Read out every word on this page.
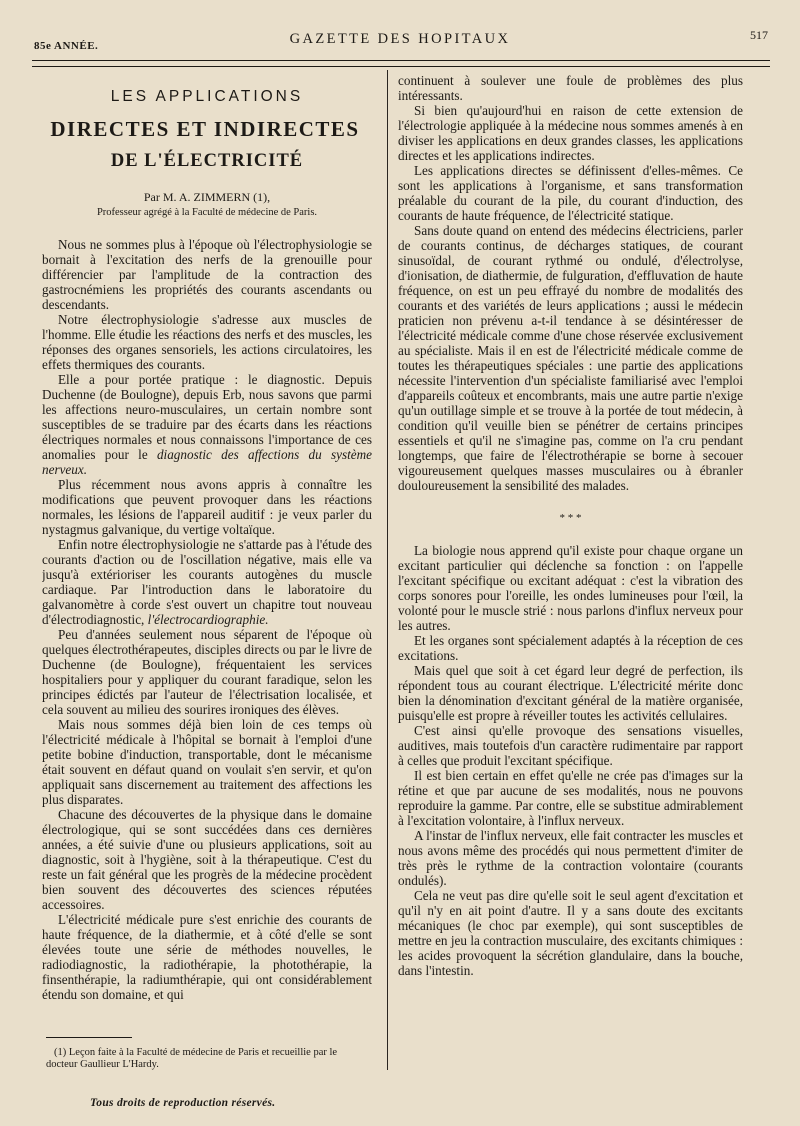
85e ANNÉE.	GAZETTE DES HOPITAUX	517
LES APPLICATIONS
DIRECTES ET INDIRECTES
DE L'ÉLECTRICITÉ
Par M. A. ZIMMERN (1),
Professeur agrégé à la Faculté de médecine de Paris.

Nous ne sommes plus à l'époque où l'électrophysiologie se bornait à l'excitation des nerfs de la grenouille pour différencier par l'amplitude de la contraction des gastrocnémiens les propriétés des courants ascendants ou descendants.

Notre électrophysiologie s'adresse aux muscles de l'homme. Elle étudie les réactions des nerfs et des muscles, les réponses des organes sensoriels, les actions circulatoires, les effets thermiques des courants.

Elle a pour portée pratique : le diagnostic. Depuis Duchenne (de Boulogne), depuis Erb, nous savons que parmi les affections neuro-musculaires, un certain nombre sont susceptibles de se traduire par des écarts dans les réactions électriques normales et nous connaissons l'importance de ces anomalies pour le diagnostic des affections du système nerveux.

Plus récemment nous avons appris à connaître les modifications que peuvent provoquer dans les réactions normales, les lésions de l'appareil auditif : je veux parler du nystagmus galvanique, du vertige voltaïque.

Enfin notre électrophysiologie ne s'attarde pas à l'étude des courants d'action ou de l'oscillation négative, mais elle va jusqu'à extérioriser les courants autogènes du muscle cardiaque. Par l'introduction dans le laboratoire du galvanomètre à corde s'est ouvert un chapitre tout nouveau d'électrodiagnostic, l'électrocardiographie.

Peu d'années seulement nous séparent de l'époque où quelques électrothérapeutes, disciples directs ou par le livre de Duchenne (de Boulogne), fréquentaient les services hospitaliers pour y appliquer du courant faradique, selon les principes édictés par l'auteur de l'électrisation localisée, et cela souvent au milieu des sourires ironiques des élèves.

Mais nous sommes déjà bien loin de ces temps où l'électricité médicale à l'hôpital se bornait à l'emploi d'une petite bobine d'induction, transportable, dont le mécanisme était souvent en défaut quand on voulait s'en servir, et qu'on appliquait sans discernement au traitement des affections les plus disparates.

Chacune des découvertes de la physique dans le domaine électrologique, qui se sont succédées dans ces dernières années, a été suivie d'une ou plusieurs applications, soit au diagnostic, soit à l'hygiène, soit à la thérapeutique. C'est du reste un fait général que les progrès de la médecine procèdent bien souvent des découvertes des sciences réputées accessoires.

L'électricité médicale pure s'est enrichie des courants de haute fréquence, de la diathermie, et à côté d'elle se sont élevées toute une série de méthodes nouvelles, le radiodiagnostic, la radiothérapie, la photothérapie, la finsenthérapie, la radiumthérapie, qui ont considérablement étendu son domaine, et qui

continuent à soulever une foule de problèmes des plus intéressants.

Si bien qu'aujourd'hui en raison de cette extension de l'électrologie appliquée à la médecine nous sommes amenés à en diviser les applications en deux grandes classes, les applications directes et les applications indirectes.

Les applications directes se définissent d'elles-mêmes. Ce sont les applications à l'organisme, et sans transformation préalable du courant de la pile, du courant d'induction, des courants de haute fréquence, de l'électricité statique.

Sans doute quand on entend des médecins électriciens, parler de courants continus, de décharges statiques, de courant sinusoïdal, de courant rythmé ou ondulé, d'électrolyse, d'ionisation, de diathermie, de fulguration, d'effluvation de haute fréquence, on est un peu effrayé du nombre de modalités des courants et des variétés de leurs applications ; aussi le médecin praticien non prévenu a-t-il tendance à se désintéresser de l'électricité médicale comme d'une chose réservée exclusivement au spécialiste. Mais il en est de l'électricité médicale comme de toutes les thérapeutiques spéciales : une partie des applications nécessite l'intervention d'un spécialiste familiarisé avec l'emploi d'appareils coûteux et encombrants, mais une autre partie n'exige qu'un outillage simple et se trouve à la portée de tout médecin, à condition qu'il veuille bien se pénétrer de certains principes essentiels et qu'il ne s'imagine pas, comme on l'a cru pendant longtemps, que faire de l'électrothérapie se borne à secouer vigoureusement quelques masses musculaires ou à ébranler douloureusement la sensibilité des malades.

* * *

La biologie nous apprend qu'il existe pour chaque organe un excitant particulier qui déclenche sa fonction : on l'appelle l'excitant spécifique ou excitant adéquat : c'est la vibration des corps sonores pour l'oreille, les ondes lumineuses pour l'œil, la volonté pour le muscle strié : nous parlons d'influx nerveux pour les autres.

Et les organes sont spécialement adaptés à la réception de ces excitations.

Mais quel que soit à cet égard leur degré de perfection, ils répondent tous au courant électrique. L'électricité mérite donc bien la dénomination d'excitant général de la matière organisée, puisqu'elle est propre à réveiller toutes les activités cellulaires.

C'est ainsi qu'elle provoque des sensations visuelles, auditives, mais toutefois d'un caractère rudimentaire par rapport à celles que produit l'excitant spécifique.

Il est bien certain en effet qu'elle ne crée pas d'images sur la rétine et que par aucune de ses modalités, nous ne pouvons reproduire la gamme. Par contre, elle se substitue admirablement à l'excitation volontaire, à l'influx nerveux.

A l'instar de l'influx nerveux, elle fait contracter les muscles et nous avons même des procédés qui nous permettent d'imiter de très près le rythme de la contraction volontaire (courants ondulés).

Cela ne veut pas dire qu'elle soit le seul agent d'excitation et qu'il n'y en ait point d'autre. Il y a sans doute des excitants mécaniques (le choc par exemple), qui sont susceptibles de mettre en jeu la contraction musculaire, des excitants chimiques : les acides provoquent la sécrétion glandulaire, dans la bouche, dans l'intestin.

(1) Leçon faite à la Faculté de médecine de Paris et recueillie par le docteur Gaullieur L'Hardy.
Tous droits de reproduction réservés.
